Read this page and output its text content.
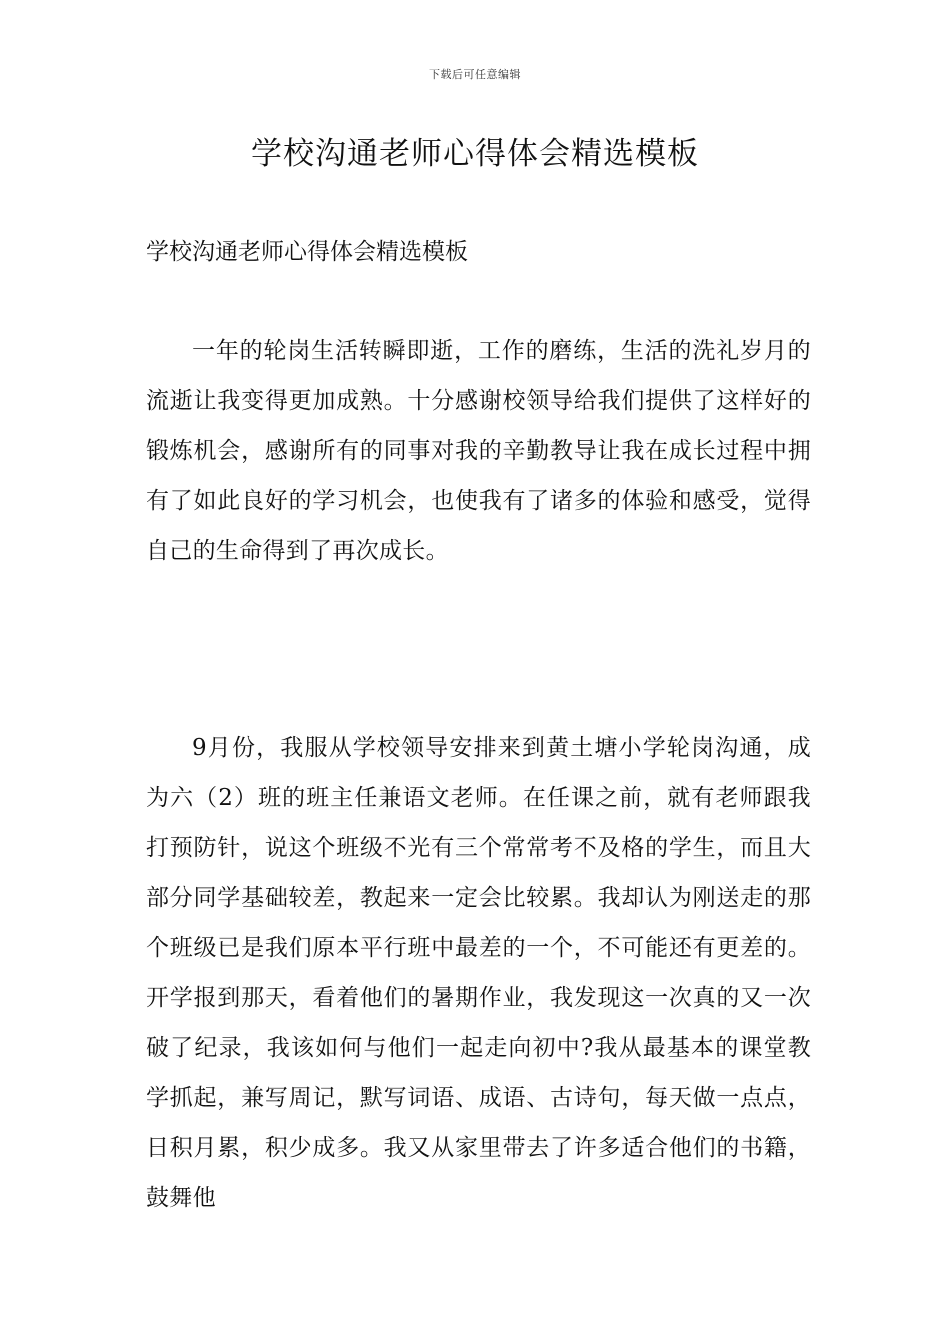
下载后可任意编辑
学校沟通老师心得体会精选模板

学校沟通老师心得体会精选模板

一年的轮岗生活转瞬即逝，工作的磨练，生活的洗礼岁月的流逝让我变得更加成熟。十分感谢校领导给我们提供了这样好的锻炼机会，感谢所有的同事对我的辛勤教导让我在成长过程中拥有了如此良好的学习机会，也使我有了诸多的体验和感受，觉得自己的生命得到了再次成长。

9月份，我服从学校领导安排来到黄土塘小学轮岗沟通，成为六（2）班的班主任兼语文老师。在任课之前，就有老师跟我打预防针，说这个班级不光有三个常常考不及格的学生，而且大部分同学基础较差，教起来一定会比较累。我却认为刚送走的那个班级已是我们原本平行班中最差的一个，不可能还有更差的。开学报到那天，看着他们的暑期作业，我发现这一次真的又一次破了纪录，我该如何与他们一起走向初中?我从最基本的课堂教学抓起，兼写周记，默写词语、成语、古诗句，每天做一点点，日积月累，积少成多。我又从家里带去了许多适合他们的书籍，鼓舞他
